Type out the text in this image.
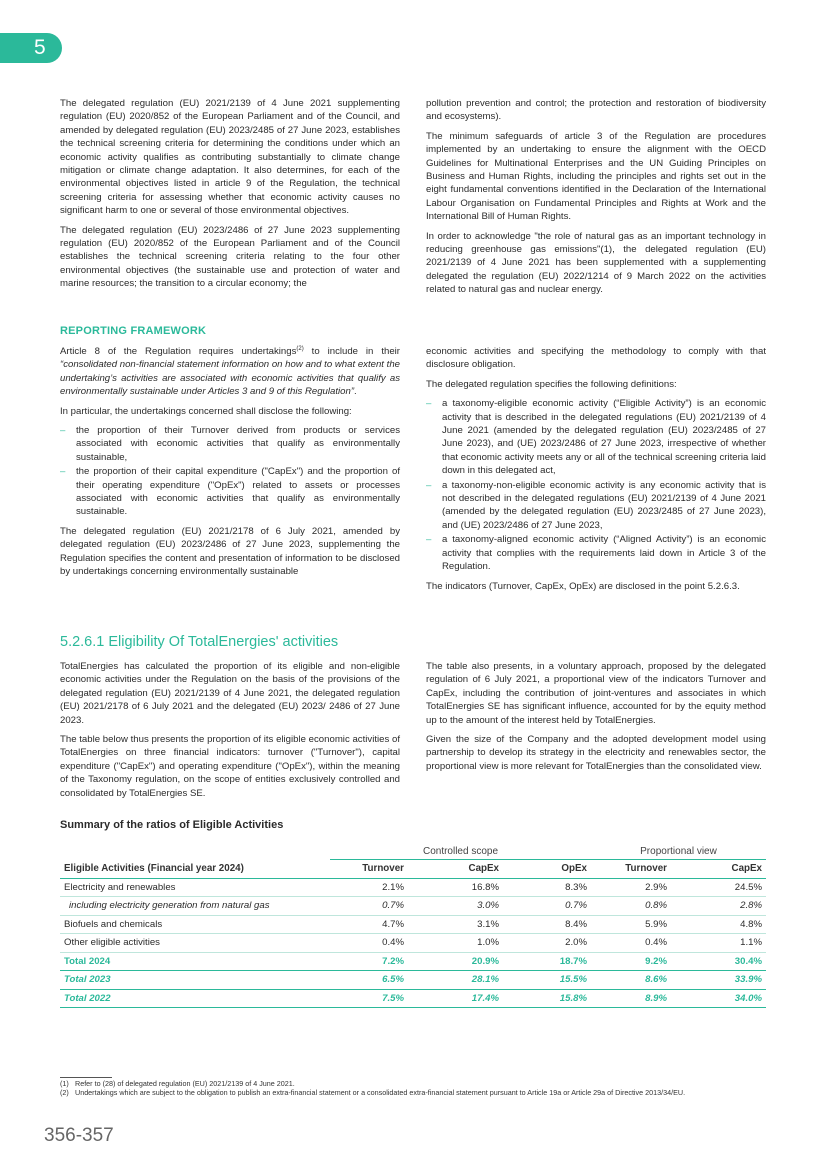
5

The delegated regulation (EU) 2021/2139 of 4 June 2021 supplementing regulation (EU) 2020/852 of the European Parliament and of the Council, and amended by delegated regulation (EU) 2023/2485 of 27 June 2023, establishes the technical screening criteria for determining the conditions under which an economic activity qualifies as contributing substantially to climate change mitigation or climate change adaptation. It also determines, for each of the environmental objectives listed in article 9 of the Regulation, the technical screening criteria for assessing whether that economic activity causes no significant harm to one or several of those environmental objectives.

The delegated regulation (EU) 2023/2486 of 27 June 2023 supplementing regulation (EU) 2020/852 of the European Parliament and of the Council establishes the technical screening criteria relating to the four other environmental objectives (the sustainable use and protection of water and marine resources; the transition to a circular economy; the

pollution prevention and control; the protection and restoration of biodiversity and ecosystems).

The minimum safeguards of article 3 of the Regulation are procedures implemented by an undertaking to ensure the alignment with the OECD Guidelines for Multinational Enterprises and the UN Guiding Principles on Business and Human Rights, including the principles and rights set out in the eight fundamental conventions identified in the Declaration of the International Labour Organisation on Fundamental Principles and Rights at Work and the International Bill of Human Rights.

In order to acknowledge "the role of natural gas as an important technology in reducing greenhouse gas emissions"(1), the delegated regulation (EU) 2021/2139 of 4 June 2021 has been supplemented with a supplementing delegated the regulation (EU) 2022/1214 of 9 March 2022 on the activities related to natural gas and nuclear energy.

REPORTING FRAMEWORK

Article 8 of the Regulation requires undertakings$^{(2)}$ to include in their “consolidated non-financial statement information on how and to what extent the undertaking’s activities are associated with economic activities that qualify as environmentally sustainable under Articles 3 and 9 of this Regulation”.

In particular, the undertakings concerned shall disclose the following:

– the proportion of their Turnover derived from products or services associated with economic activities that qualify as environmentally sustainable,
– the proportion of their capital expenditure ("CapEx") and the proportion of their operating expenditure ("OpEx") related to assets or processes associated with economic activities that qualify as environmentally sustainable.

The delegated regulation (EU) 2021/2178 of 6 July 2021, amended by delegated regulation (EU) 2023/2486 of 27 June 2023, supplementing the Regulation specifies the content and presentation of information to be disclosed by undertakings concerning environmentally sustainable

economic activities and specifying the methodology to comply with that disclosure obligation.

The delegated regulation specifies the following definitions:

– a taxonomy-eligible economic activity (“Eligible Activity”) is an economic activity that is described in the delegated regulations (EU) 2021/2139 of 4 June 2021 (amended by the delegated regulation (EU) 2023/2485 of 27 June 2023), and (UE) 2023/2486 of 27 June 2023, irrespective of whether that economic activity meets any or all of the technical screening criteria laid down in this delegated act,
– a taxonomy-non-eligible economic activity is any economic activity that is not described in the delegated regulations (EU) 2021/2139 of 4 June 2021 (amended by the delegated regulation (EU) 2023/2485 of 27 June 2023), and (UE) 2023/2486 of 27 June 2023,
– a taxonomy-aligned economic activity (“Aligned Activity”) is an economic activity that complies with the requirements laid down in Article 3 of the Regulation.

The indicators (Turnover, CapEx, OpEx) are disclosed in the point 5.2.6.3.

5.2.6.1 Eligibility Of TotalEnergies' activities

TotalEnergies has calculated the proportion of its eligible and non-eligible economic activities under the Regulation on the basis of the provisions of the delegated regulation (EU) 2021/2139 of 4 June 2021, the delegated regulation (EU) 2021/2178 of 6 July 2021 and the delegated (EU) 2023/ 2486 of 27 June 2023.

The table below thus presents the proportion of its eligible economic activities of TotalEnergies on three financial indicators: turnover ("Turnover"), capital expenditure ("CapEx") and operating expenditure ("OpEx"), within the meaning of the Taxonomy regulation, on the scope of entities exclusively controlled and consolidated by TotalEnergies SE.

The table also presents, in a voluntary approach, proposed by the delegated regulation of 6 July 2021, a proportional view of the indicators Turnover and CapEx, including the contribution of joint-ventures and associates in which TotalEnergies SE has significant influence, accounted for by the equity method up to the amount of the interest held by TotalEnergies.

Given the size of the Company and the adopted development model using partnership to develop its strategy in the electricity and renewables sector, the proportional view is more relevant for TotalEnergies than the consolidated view.

Summary of the ratios of Eligible Activities
	Controlled scope			Proportional view	
Eligible Activities (Financial year 2024)	Turnover	CapEx	OpEx	Turnover	CapEx
Electricity and renewables	2.1%	16.8%	8.3%	2.9%	24.5%
including electricity generation from natural gas	0.7%	3.0%	0.7%	0.8%	2.8%
Biofuels and chemicals	4.7%	3.1%	8.4%	5.9%	4.8%
Other eligible activities	0.4%	1.0%	2.0%	0.4%	1.1%
Total 2024	7.2%	20.9%	18.7%	9.2%	30.4%
Total 2023	6.5%	28.1%	15.5%	8.6%	33.9%
Total 2022	7.5%	17.4%	15.8%	8.9%	34.0%
(1) Refer to (28) of delegated regulation (EU) 2021/2139 of 4 June 2021.
(2) Undertakings which are subject to the obligation to publish an extra-financial statement or a consolidated extra-financial statement pursuant to Article 19a or Article 29a of Directive 2013/34/EU.
356-357
